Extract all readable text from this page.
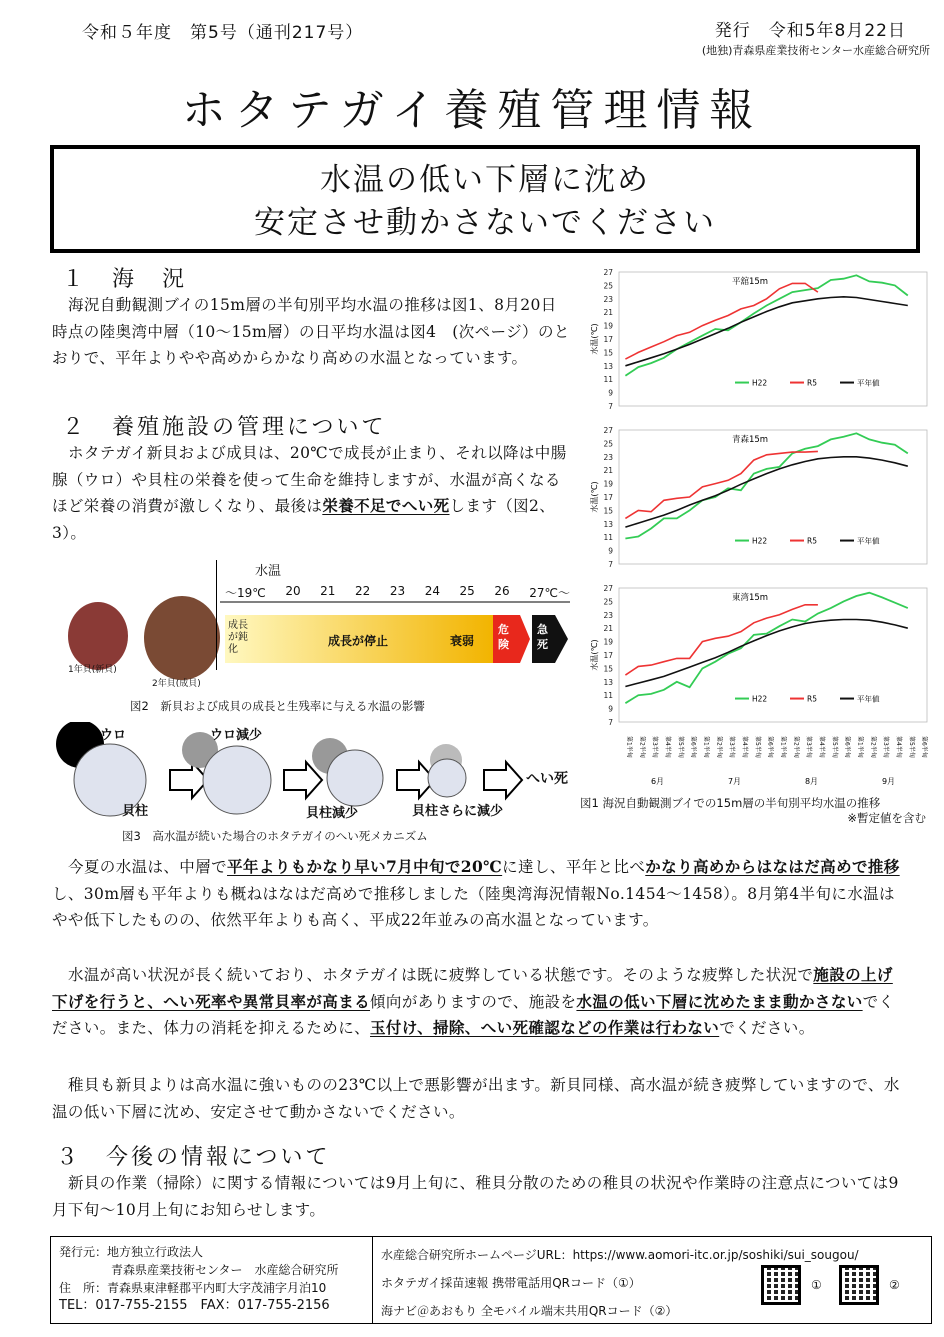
令和５年度　第5号（通刊217号）	発行　令和5年8月22日
(地独)青森県産業技術センター水産総合研究所
ホタテガイ養殖管理情報
水温の低い下層に沈め
安定させ動かさないでください
１　海　況
海況自動観測ブイの15m層の半旬別平均水温の推移は図1、8月20日時点の陸奥湾中層（10～15m層）の日平均水温は図4　(次ページ）のとおりで、平年よりやや高めからかなり高めの水温となっています。
２　養殖施設の管理について
ホタテガイ新貝および成貝は、20℃で成長が止まり、それ以降は中腸腺（ウロ）や貝柱の栄養を使って生命を維持しますが、水温が高くなるほど栄養の消費が激しくなり、最後は栄養不足でへい死します（図2、3）。
水温
～19℃ 20 21 22 23 24 25 26 27℃～
成長が鈍化
成長が停止	衰弱
危険
急死
1年貝(新貝)
2年貝(成貝)
図2　新貝および成貝の成長と生残率に与える水温の影響
ウロ	ウロ減少
貝柱	貝柱減少	貝柱さらに減少
へい死
図3　高水温が続いた場合のホタテガイのへい死メカニズム
7
9
11
13
15
17
19
21
23
25
27
水温(℃)
平舘15m
H22	R5	平年値
7
9
11
13
15
17
19
21
23
25
27
水温(℃)
青森15m
H22	R5	平年値
7
9
11
13
15
17
19
21
23
25
27
水温(℃)
東湾15m
H22	R5	平年値
第1半旬 第2半旬 第3半旬 第4半旬 第5半旬 第6半旬 第1半旬 第2半旬 第3半旬 第4半旬 第5半旬 第6半旬 第1半旬 第2半旬 第3半旬 第4半旬 第5半旬 第6半旬 第1半旬 第2半旬 第3半旬 第4半旬 第5半旬 第6半旬
6月	7月	8月	9月
図1 海況自動観測ブイでの15m層の半旬別平均水温の推移
※暫定値を含む
今夏の水温は、中層で平年よりもかなり早い7月中旬で20℃に達し、平年と比べかなり高めからはなはだ高めで推移し、30m層も平年よりも概ねはなはだ高めで推移しました（陸奥湾海況情報No.1454～1458）。8月第4半旬に水温はやや低下したものの、依然平年よりも高く、平成22年並みの高水温となっています。
水温が高い状況が長く続いており、ホタテガイは既に疲弊している状態です。そのような疲弊した状況で施設の上げ下げを行うと、へい死率や異常貝率が高まる傾向がありますので、施設を水温の低い下層に沈めたまま動かさないでください。また、体力の消耗を抑えるために、玉付け、掃除、へい死確認などの作業は行わないでください。
稚貝も新貝よりは高水温に強いものの23℃以上で悪影響が出ます。新貝同様、高水温が続き疲弊していますので、水温の低い下層に沈め、安定させて動かさないでください。
３　今後の情報について
新貝の作業（掃除）に関する情報については9月上旬に、稚貝分散のための稚貝の状況や作業時の注意点については9月下旬～10月上旬にお知らせします。
発行元：地方独立行政法人
青森県産業技術センター　水産総合研究所
住　所：青森県東津軽郡平内町大字茂浦字月泊10
TEL：017-755-2155　FAX：017-755-2156
水産総合研究所ホームページURL：https://www.aomori-itc.or.jp/soshiki/sui_sougou/
ホタテガイ採苗速報 携帯電話用QRコード（①）
海ナビ＠あおもり 全モバイル端末共用QRコード（②）
①	②
